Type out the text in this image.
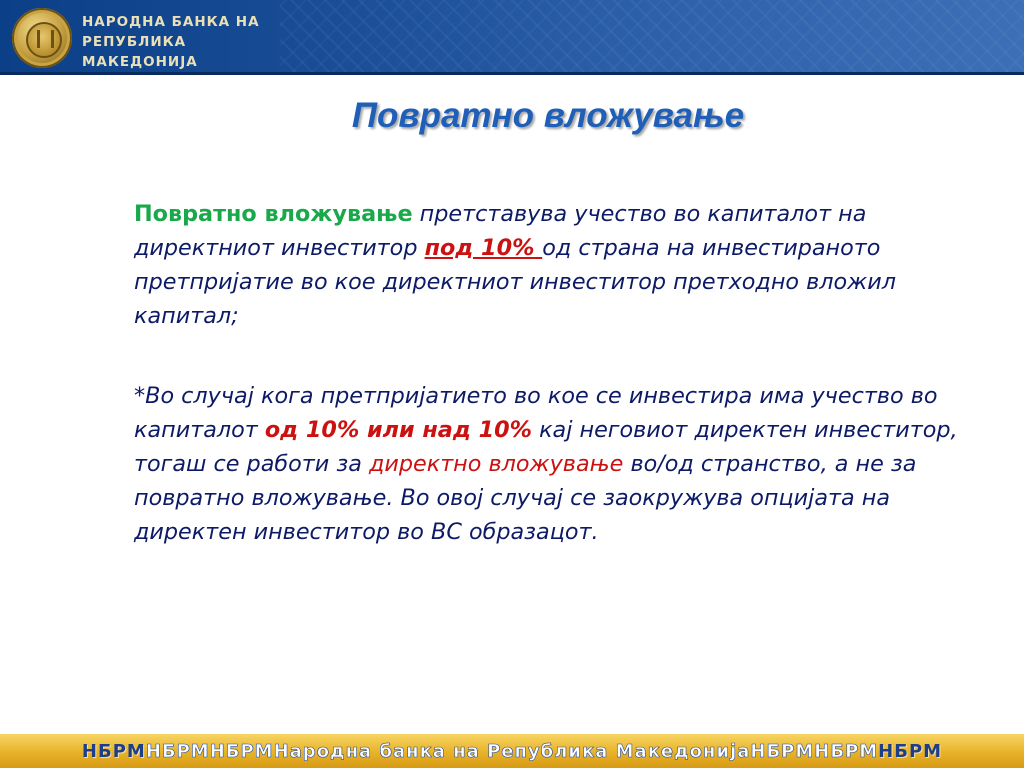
НАРОДНА БАНКА НА
РЕПУБЛИКА МАКЕДОНИЈА
Повратно вложување
Повратно вложување претставува учество во капиталот на директниот инвеститор под 10% од страна на инвестираното претпријатие во кое директниот инвеститор претходно вложил капитал;
*Во случај кога претпријатието во кое се инвестира има учество во капиталот од 10% или над 10% кај неговиот директен инвеститор, тогаш се работи за директно вложување во/од странство, а не за повратно вложување. Во овој случај се заокружува опцијата на директен инвеститор во ВС образацот.
НБРМ НБРМНБРМ Народна банка на Република Македонија НБРМНБРМ НБРМ
